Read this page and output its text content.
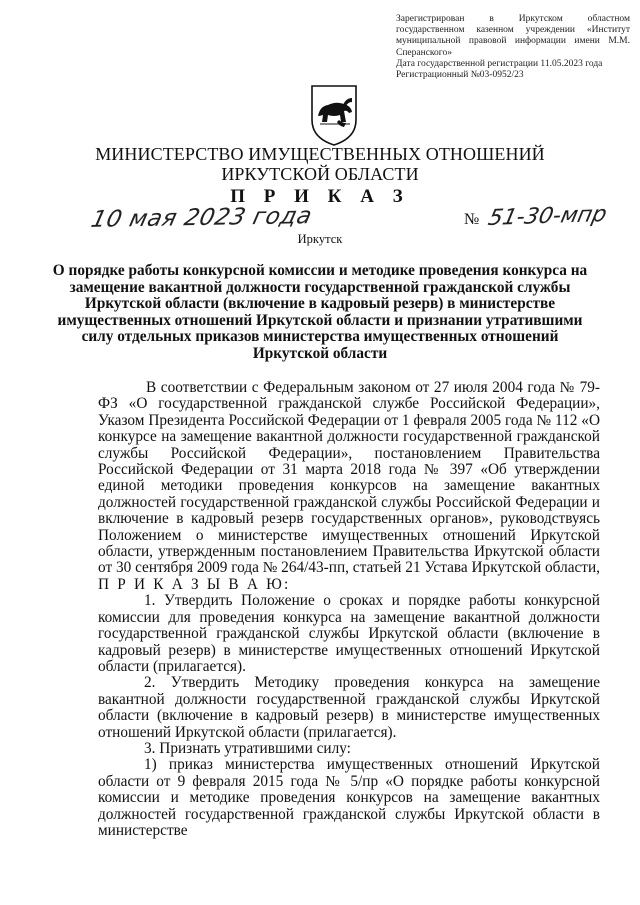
Зарегистрирован в Иркутском областном государственном казенном учреждении «Институт муниципальной правовой информации имени М.М. Сперанского»

Дата государственной регистрации 11.05.2023 года

Регистрационный №03-0952/23

МИНИСТЕРСТВО ИМУЩЕСТВЕННЫХ ОТНОШЕНИЙ
ИРКУТСКОЙ ОБЛАСТИ
П Р И К А З
10 мая 2023 года	№ 51-30-мпр
Иркутск
О порядке работы конкурсной комиссии и методике проведения конкурса на замещение вакантной должности государственной гражданской службы Иркутской области (включение в кадровый резерв) в министерстве имущественных отношений Иркутской области и признании утратившими силу отдельных приказов министерства имущественных отношений Иркутской области

В соответствии с Федеральным законом от 27 июля 2004 года № 79-ФЗ «О государственной гражданской службе Российской Федерации», Указом Президента Российской Федерации от 1 февраля 2005 года № 112 «О конкурсе на замещение вакантной должности государственной гражданской службы Российской Федерации», постановлением Правительства Российской Федерации от 31 марта 2018 года № 397 «Об утверждении единой методики проведения конкурсов на замещение вакантных должностей государственной гражданской службы Российской Федерации и включение в кадровый резерв государственных органов», руководствуясь Положением о министерстве имущественных отношений Иркутской области, утвержденным постановлением Правительства Иркутской области от 30 сентября 2009 года № 264/43-пп, статьей 21 Устава Иркутской области,

П Р И К А З Ы В А Ю:

1. Утвердить Положение о сроках и порядке работы конкурсной комиссии для проведения конкурса на замещение вакантной должности государственной гражданской службы Иркутской области (включение в кадровый резерв) в министерстве имущественных отношений Иркутской области (прилагается).

2. Утвердить Методику проведения конкурса на замещение вакантной должности государственной гражданской службы Иркутской области (включение в кадровый резерв) в министерстве имущественных отношений Иркутской области (прилагается).

3. Признать утратившими силу:

1) приказ министерства имущественных отношений Иркутской области от 9 февраля 2015 года № 5/пр «О порядке работы конкурсной комиссии и методике проведения конкурсов на замещение вакантных должностей государственной гражданской службы Иркутской области в министерстве
